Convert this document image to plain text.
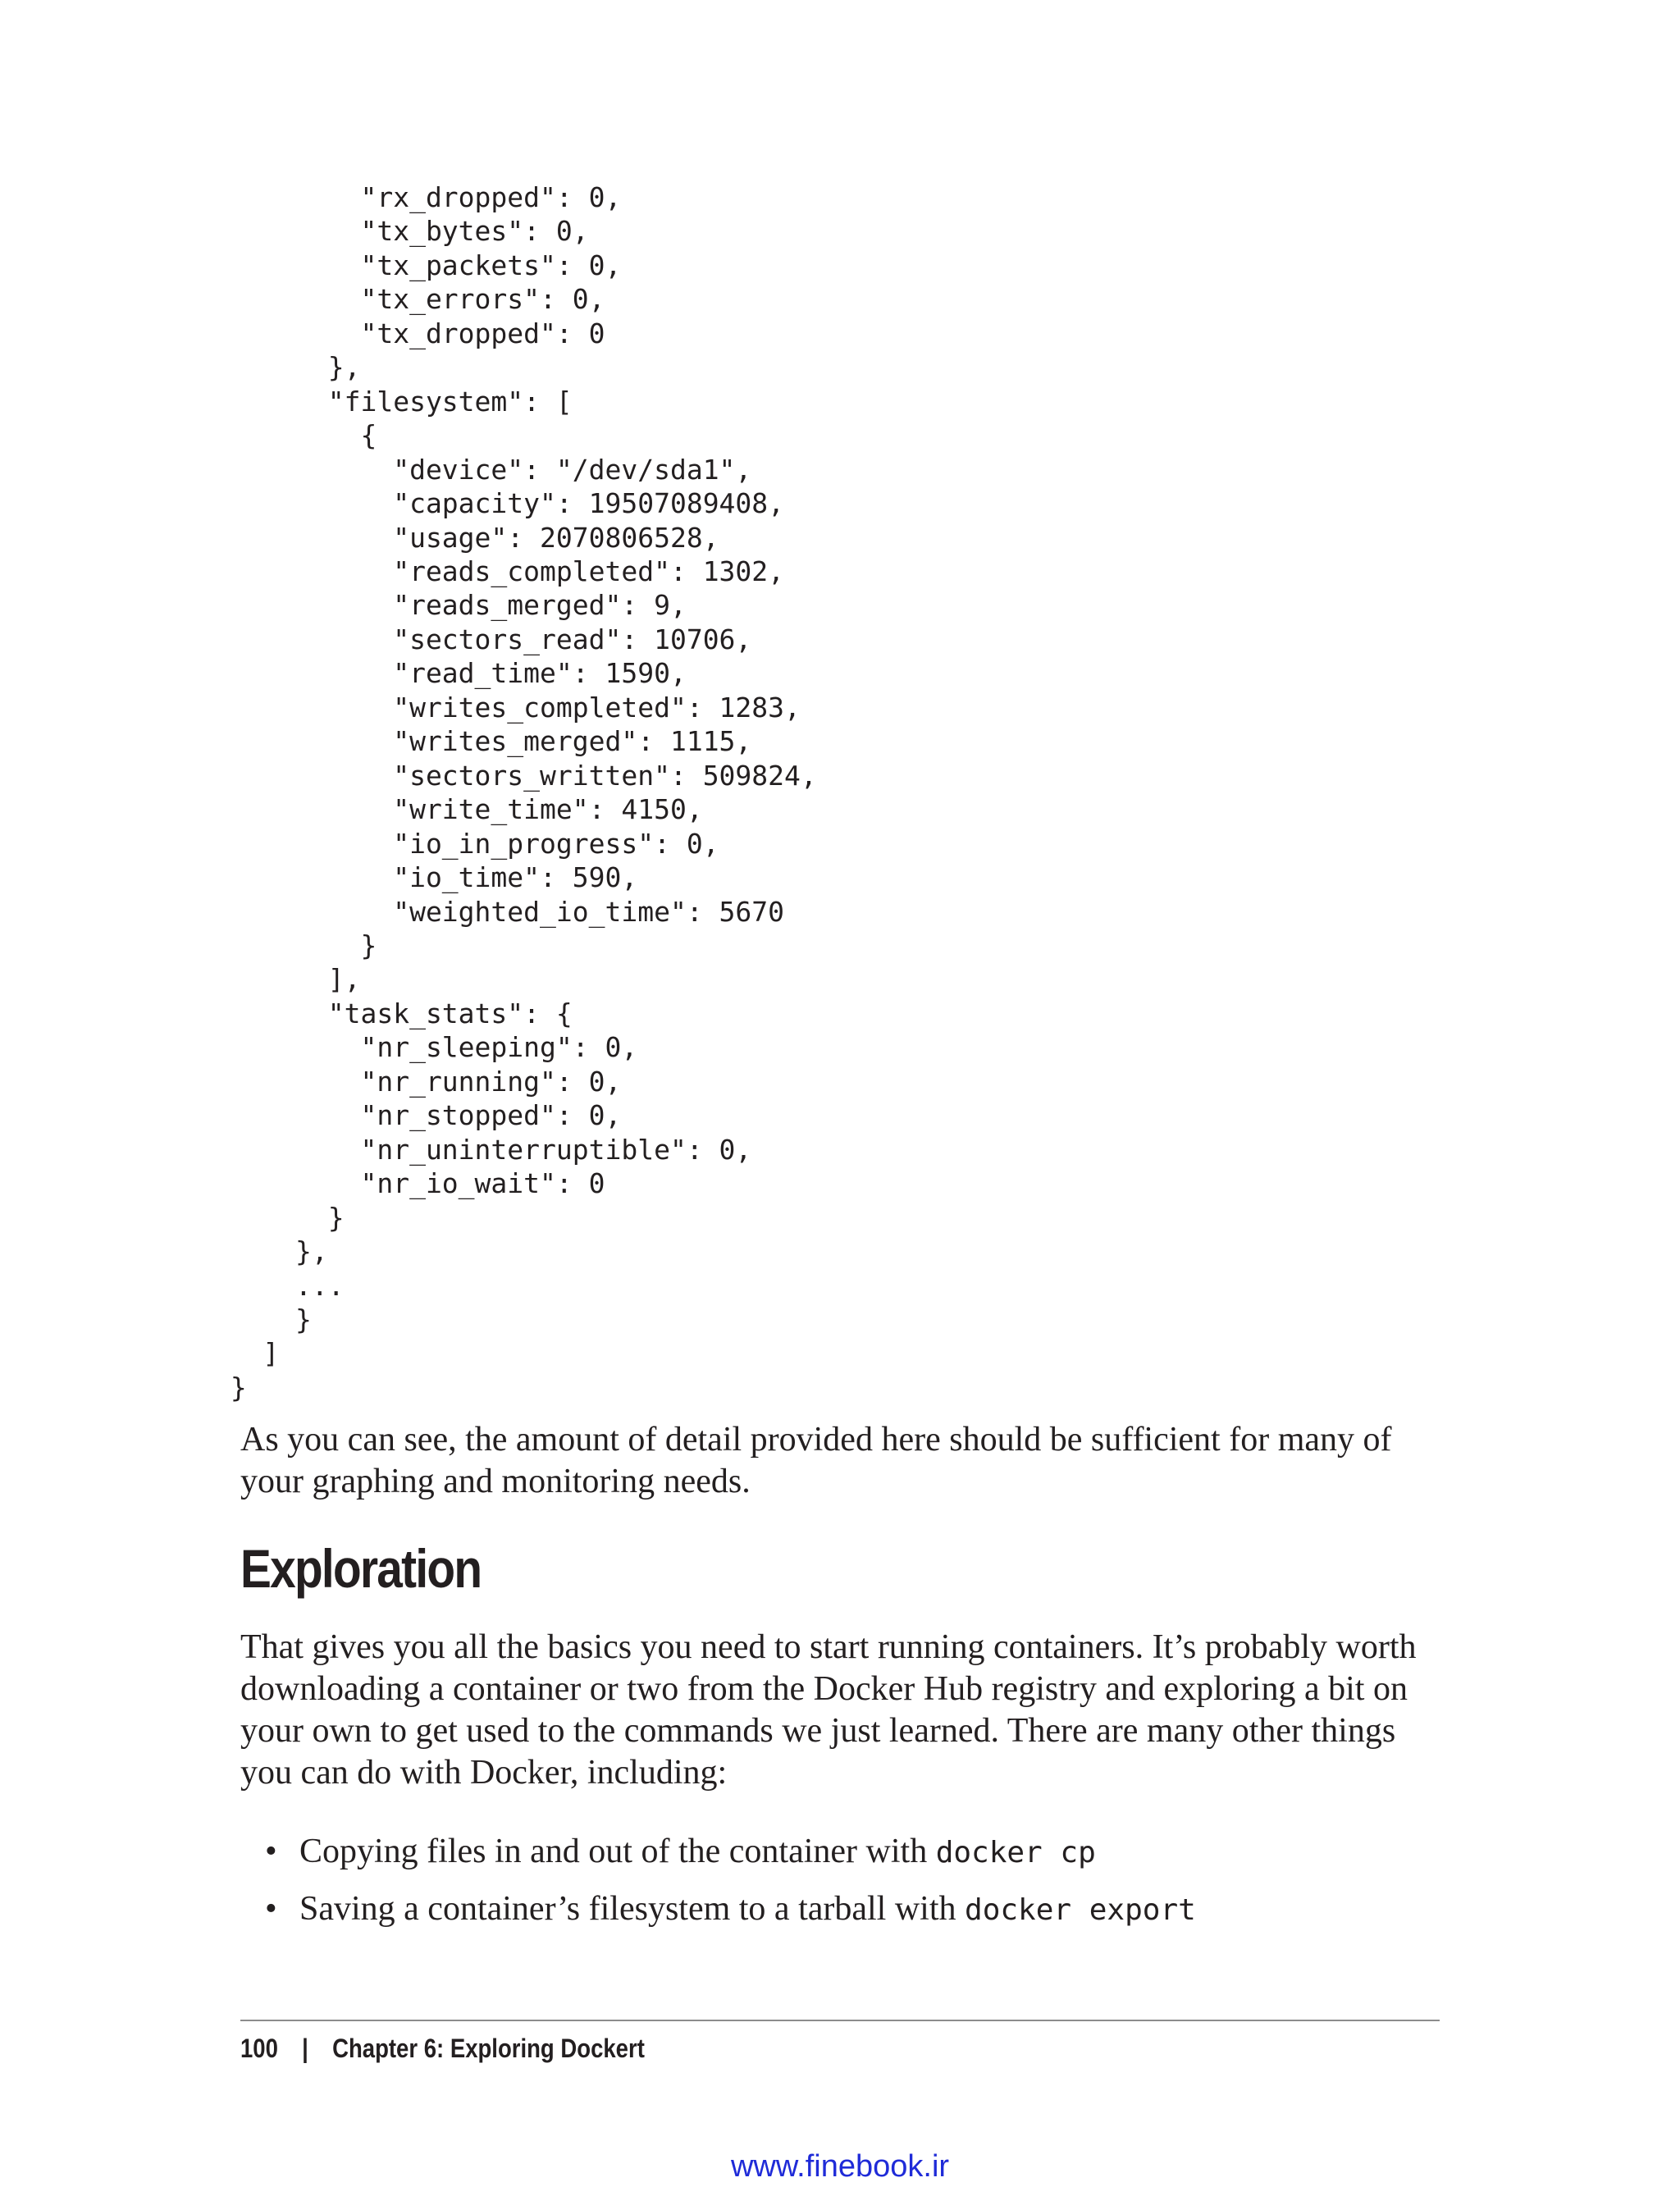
"rx_dropped": 0,
"tx_bytes": 0,
"tx_packets": 0,
"tx_errors": 0,
"tx_dropped": 0
},
"filesystem": [
{
"device": "/dev/sda1",
"capacity": 19507089408,
"usage": 2070806528,
"reads_completed": 1302,
"reads_merged": 9,
"sectors_read": 10706,
"read_time": 1590,
"writes_completed": 1283,
"writes_merged": 1115,
"sectors_written": 509824,
"write_time": 4150,
"io_in_progress": 0,
"io_time": 590,
"weighted_io_time": 5670
}
],
"task_stats": {
"nr_sleeping": 0,
"nr_running": 0,
"nr_stopped": 0,
"nr_uninterruptible": 0,
"nr_io_wait": 0
}
},
...
}
]
}

As you can see, the amount of detail provided here should be sufficient for many of your graphing and monitoring needs.

Exploration

That gives you all the basics you need to start running containers. It’s probably worth downloading a container or two from the Docker Hub registry and exploring a bit on your own to get used to the commands we just learned. There are many other things you can do with Docker, including:

• Copying files in and out of the container with docker cp
• Saving a container’s filesystem to a tarball with docker export
100 | Chapter 6: Exploring Dockert
www.finebook.ir
